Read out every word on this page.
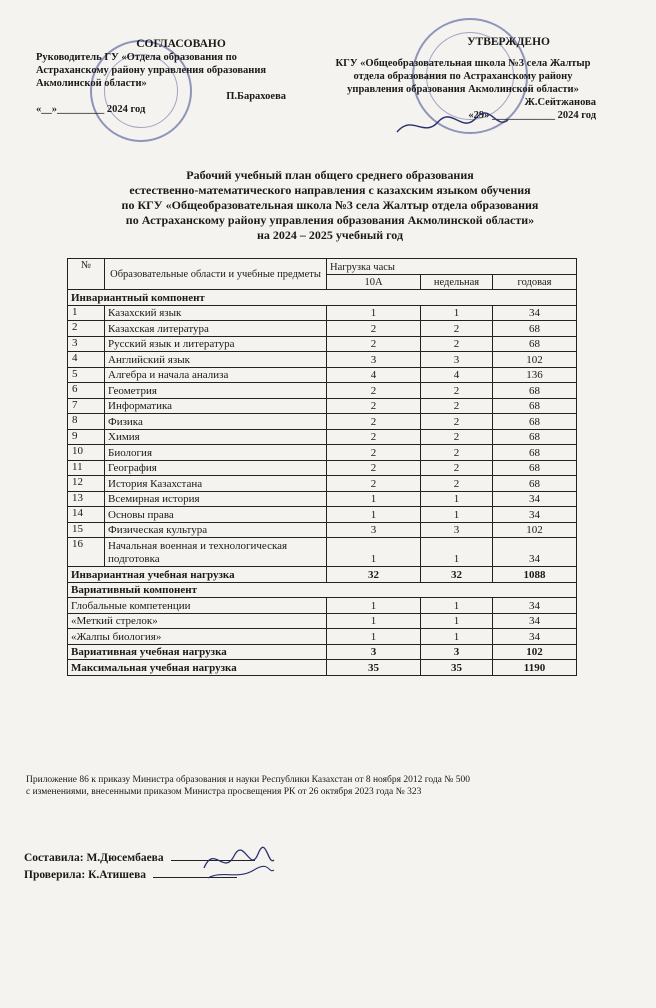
СОГЛАСОВАНО
Руководитель ГУ «Отдела образования по
Астраханскому району управления образования
Акмолинской области»
П.Барахоева
«__»_________ 2024 год
УТВЕРЖДЕНО
КГУ «Общеобразовательная школа №3 села Жалтыр
отдела образования по Астраханскому району
управления образования Акмолинской области»
Ж.Сейтжанова
«29» ____________ 2024 год
Рабочий учебный план общего среднего образования
естественно-математического направления с казахским языком обучения
по КГУ «Общеобразовательная школа №3 села Жалтыр отдела образования
по Астраханскому району управления образования Акмолинской области»
на 2024 – 2025 учебный год
№	Образовательные области и учебные предметы	Нагрузка часы		
		10А	недельная	годовая
Инвариантный компонент				
1	Казахский язык	1	1	34
2	Казахская литература	2	2	68
3	Русский язык и литература	2	2	68
4	Английский язык	3	3	102
5	Алгебра и начала анализа	4	4	136
6	Геометрия	2	2	68
7	Информатика	2	2	68
8	Физика	2	2	68
9	Химия	2	2	68
10	Биология	2	2	68
11	География	2	2	68
12	История Казахстана	2	2	68
13	Всемирная история	1	1	34
14	Основы права	1	1	34
15	Физическая культура	3	3	102
16	Начальная военная и технологическая подготовка	1	1	34
Инвариантная учебная нагрузка		32	32	1088
Вариативный компонент				
Глобальные компетенции		1	1	34
«Меткий стрелок»		1	1	34
«Жалпы биология»		1	1	34
Вариативная учебная нагрузка		3	3	102
Максимальная учебная нагрузка		35	35	1190
Приложение 86 к приказу Министра образования и науки Республики Казахстан от 8 ноября 2012 года № 500
с изменениями, внесенными приказом Министра просвещения РК от 26 октября 2023 года № 323
Составила: М.Дюсембаева
Проверила: К.Атишева
